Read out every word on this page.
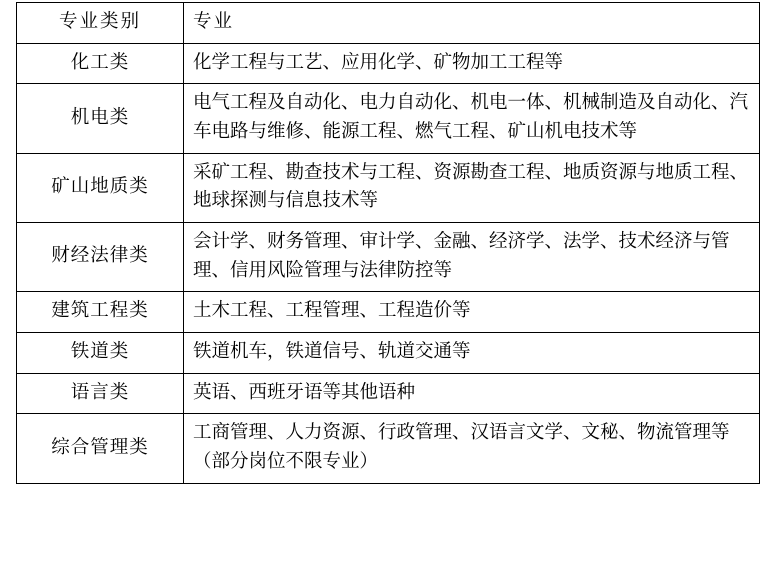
专业类别	专业

化工类	化学工程与工艺、应用化学、矿物加工工程等

机电类	电气工程及自动化、电力自动化、机电一体、机械制造及自动化、汽车电路与维修、能源工程、燃气工程、矿山机电技术等

矿山地质类	采矿工程、勘查技术与工程、资源勘查工程、地质资源与地质工程、地球探测与信息技术等

财经法律类	会计学、财务管理、审计学、金融、经济学、法学、技术经济与管理、信用风险管理与法律防控等

建筑工程类	土木工程、工程管理、工程造价等

铁道类	铁道机车，铁道信号、轨道交通等

语言类	英语、西班牙语等其他语种

综合管理类	工商管理、人力资源、行政管理、汉语言文学、文秘、物流管理等（部分岗位不限专业）
